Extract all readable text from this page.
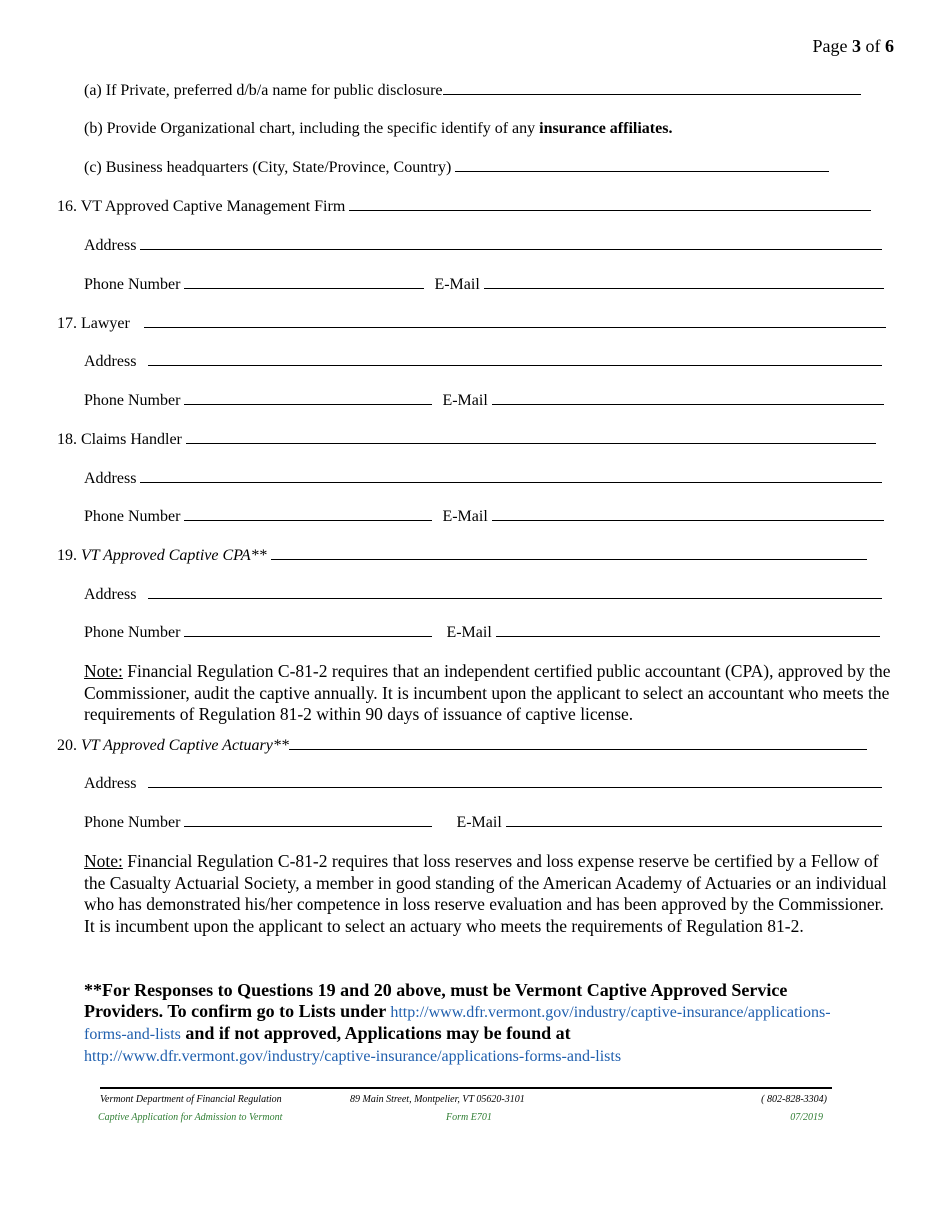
Page 3 of 6
(a) If Private, preferred d/b/a name for public disclosure
(b) Provide Organizational chart, including the specific identify of any insurance affiliates.
(c) Business headquarters (City, State/Province, Country)
16. VT Approved Captive Management Firm
Address
Phone Number	E-Mail
17. Lawyer
Address
Phone Number	E-Mail
18. Claims Handler
Address
Phone Number	E-Mail
19. VT Approved Captive CPA**
Address
Phone Number	E-Mail
Note: Financial Regulation C-81-2 requires that an independent certified public accountant (CPA), approved by the Commissioner, audit the captive annually. It is incumbent upon the applicant to select an accountant who meets the requirements of Regulation 81-2 within 90 days of issuance of captive license.
20. VT Approved Captive Actuary**
Address
Phone Number	E-Mail
Note: Financial Regulation C-81-2 requires that loss reserves and loss expense reserve be certified by a Fellow of the Casualty Actuarial Society, a member in good standing of the American Academy of Actuaries or an individual who has demonstrated his/her competence in loss reserve evaluation and has been approved by the Commissioner. It is incumbent upon the applicant to select an actuary who meets the requirements of Regulation 81-2.
**For Responses to Questions 19 and 20 above, must be Vermont Captive Approved Service Providers. To confirm go to Lists under http://www.dfr.vermont.gov/industry/captive-insurance/applications-forms-and-lists and if not approved, Applications may be found at http://www.dfr.vermont.gov/industry/captive-insurance/applications-forms-and-lists
Vermont Department of Financial Regulation	89 Main Street, Montpelier, VT 05620-3101	( 802-828-3304)
Captive Application for Admission to Vermont	Form E701	07/2019
